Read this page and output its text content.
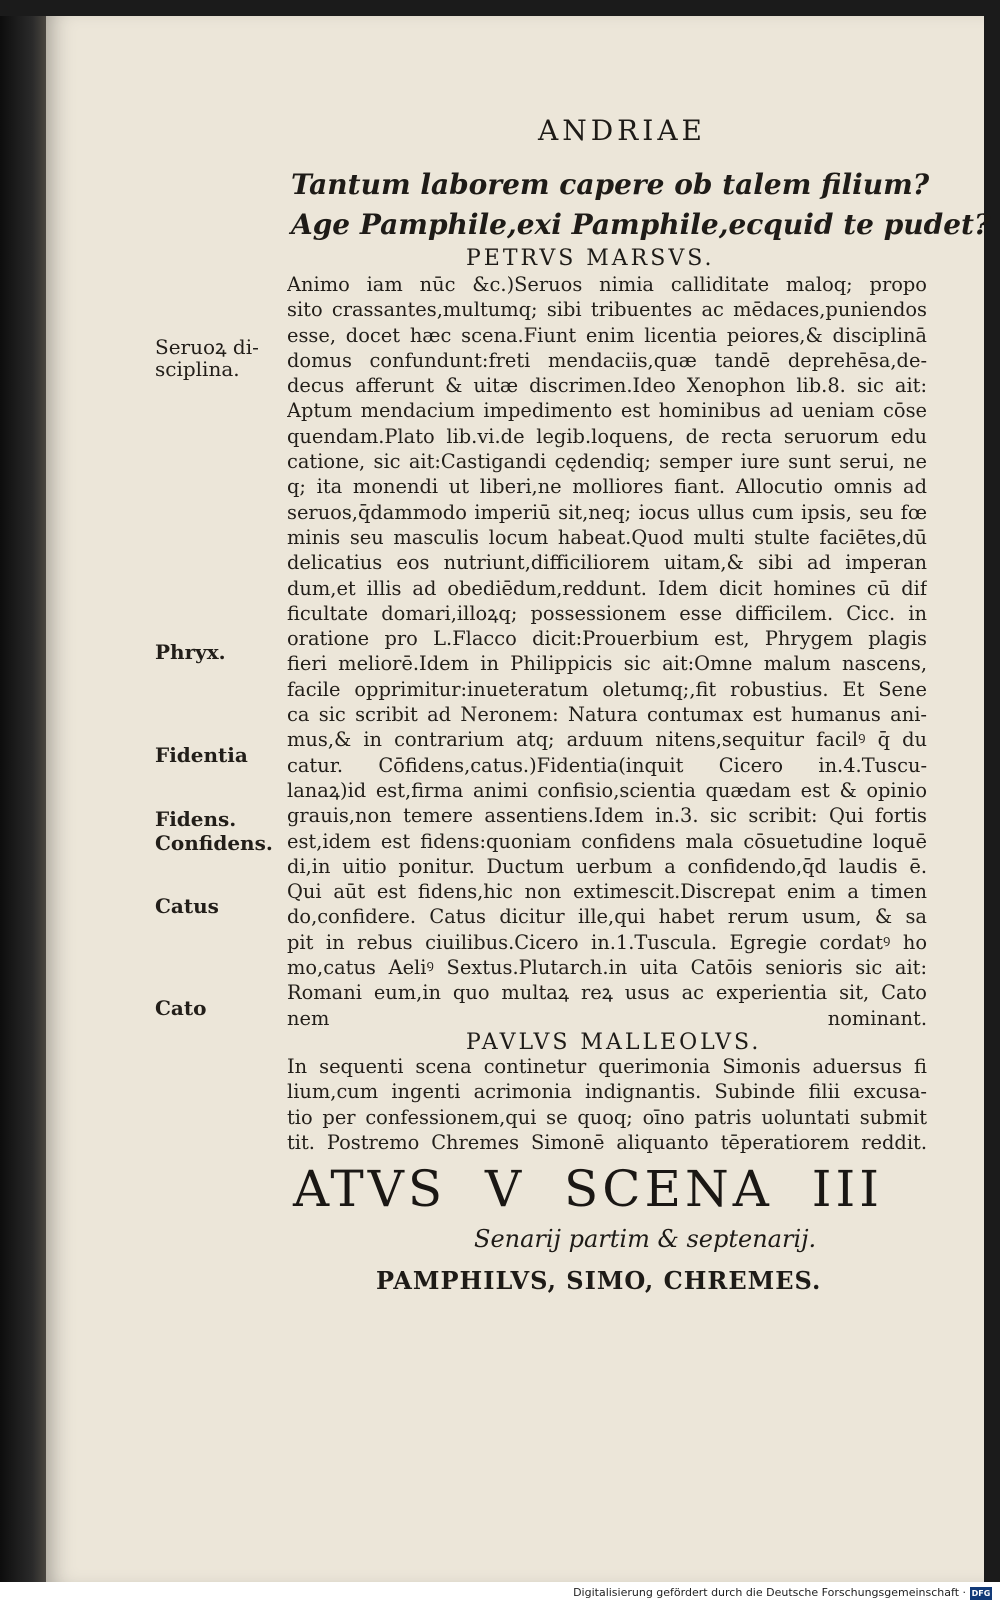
ANDRIAE
Tantum laborem capere ob talem filium?
Age Pamphile,exi Pamphile,ecquid te pudet?
PETRVS MARSVS.
Animo iam nūc &c.)Seruos nimia calliditate maloq; propo
sito crassantes,multumq; sibi tribuentes ac mēdaces,puniendos
esse, docet hæc scena.Fiunt enim licentia peiores,& disciplinā
domus confundunt:freti mendaciis,quæ tandē deprehēsa,de-
decus afferunt & uitæ discrimen.Ideo Xenophon lib.8. sic ait:
Aptum mendacium impedimento est hominibus ad ueniam cōse
quendam.Plato lib.vi.de legib.loquens, de recta seruorum edu
catione, sic ait:Castigandi cędendiq; semper iure sunt serui, ne
q; ita monendi ut liberi,ne molliores fiant. Allocutio omnis ad
seruos,q̄dammodo imperiū sit,neq; iocus ullus cum ipsis, seu fœ
minis seu masculis locum habeat.Quod multi stulte faciētes,dū
delicatius eos nutriunt,difficiliorem uitam,& sibi ad imperan
dum,et illis ad obediēdum,reddunt. Idem dicit homines cū dif
ficultate domari,illoꝝq; possessionem esse difficilem. Cicc. in
oratione pro L.Flacco dicit:Prouerbium est, Phrygem plagis
fieri meliorē.Idem in Philippicis sic ait:Omne malum nascens,
facile opprimitur:inueteratum oletumq;,fit robustius. Et Sene
ca sic scribit ad Neronem: Natura contumax est humanus ani-
mus,& in contrarium atq; arduum nitens,sequitur facilꝰ q̄ du
catur. Cōfidens,catus.)Fidentia(inquit Cicero in.4.Tuscu-
lanaꝝ)id est,firma animi confisio,scientia quædam est & opinio
grauis,non temere assentiens.Idem in.3. sic scribit: Qui fortis
est,idem est fidens:quoniam confidens mala cōsuetudine loquē
di,in uitio ponitur. Ductum uerbum a confidendo,q̄d laudis ē.
Qui aūt est fidens,hic non extimescit.Discrepat enim a timen
do,confidere. Catus dicitur ille,qui habet rerum usum, & sa
pit in rebus ciuilibus.Cicero in.1.Tuscula. Egregie cordatꝰ ho
mo,catus Aeliꝰ Sextus.Plutarch.in uita Catōis senioris sic ait:
Romani eum,in quo multaꝝ reꝝ usus ac experientia sit, Cato
nem nominant.
PAVLVS MALLEOLVS.
In sequenti scena continetur querimonia Simonis aduersus fi
lium,cum ingenti acrimonia indignantis. Subinde filii excusa-
tio per confessionem,qui se quoq; oīno patris uoluntati submit
tit. Postremo Chremes Simonē aliquanto tēperatiorem reddit.
Seruoꝝ di-
sciplina.
Phryx.
Fidentia
Fidens.
Confidens.
Catus
Cato
ATVS V SCENA III
Senarij partim & septenarij.
PAMPHILVS, SIMO, CHREMES.
Digitalisierung gefördert durch die Deutsche Forschungsgemeinschaft · DFG
